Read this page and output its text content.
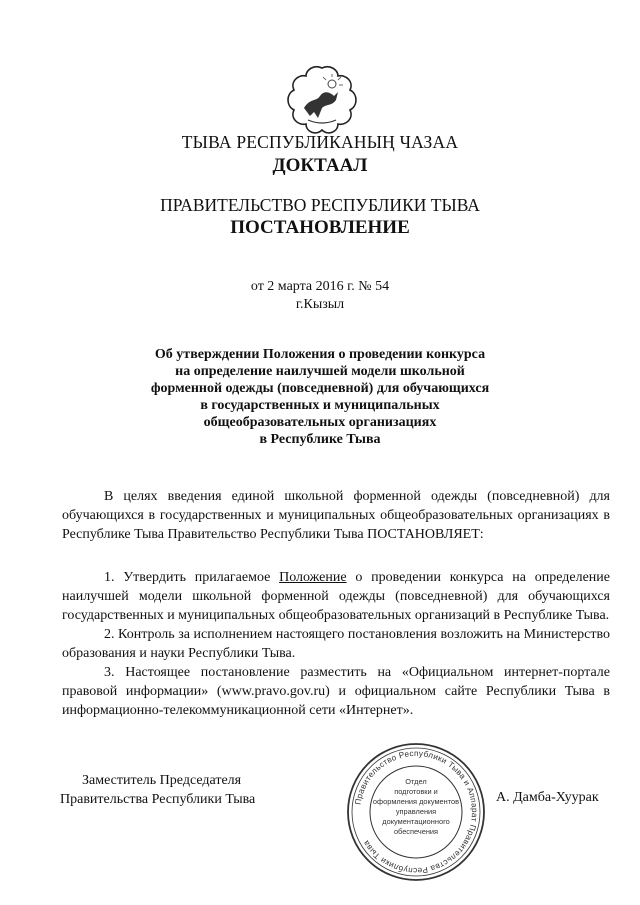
ТЫВА РЕСПУБЛИКАНЫҢ ЧАЗАА
ДОКТААЛ
ПРАВИТЕЛЬСТВО РЕСПУБЛИКИ ТЫВА
ПОСТАНОВЛЕНИЕ
от 2 марта 2016 г. № 54
г.Кызыл
Об утверждении Положения о проведении конкурса
на определение наилучшей модели школьной
форменной одежды (повседневной) для обучающихся
в государственных и муниципальных
общеобразовательных организациях
в Республике Тыва

В целях введения единой школьной форменной одежды (повседневной) для обучающихся в государственных и муниципальных общеобразовательных организациях в Республике Тыва Правительство Республики Тыва ПОСТАНОВЛЯЕТ:

1. Утвердить прилагаемое Положение о проведении конкурса на определение наилучшей модели школьной форменной одежды (повседневной) для обучающихся государственных и муниципальных общеобразовательных организаций в Республике Тыва.

2. Контроль за исполнением настоящего постановления возложить на Министерство образования и науки Республики Тыва.

3. Настоящее постановление разместить на «Официальном интернет-портале правовой информации» (www.pravo.gov.ru) и официальном сайте Республики Тыва в информационно-телекоммуникационной сети «Интернет».

Заместитель Председателя
Правительства Республики Тыва	Правительство Республики Тыва и Аппарат Правительства Республики Тыва
Отдел
подготовки и
оформления документов
управления
документационного
обеспечения
А. Дамба-Хуурак
